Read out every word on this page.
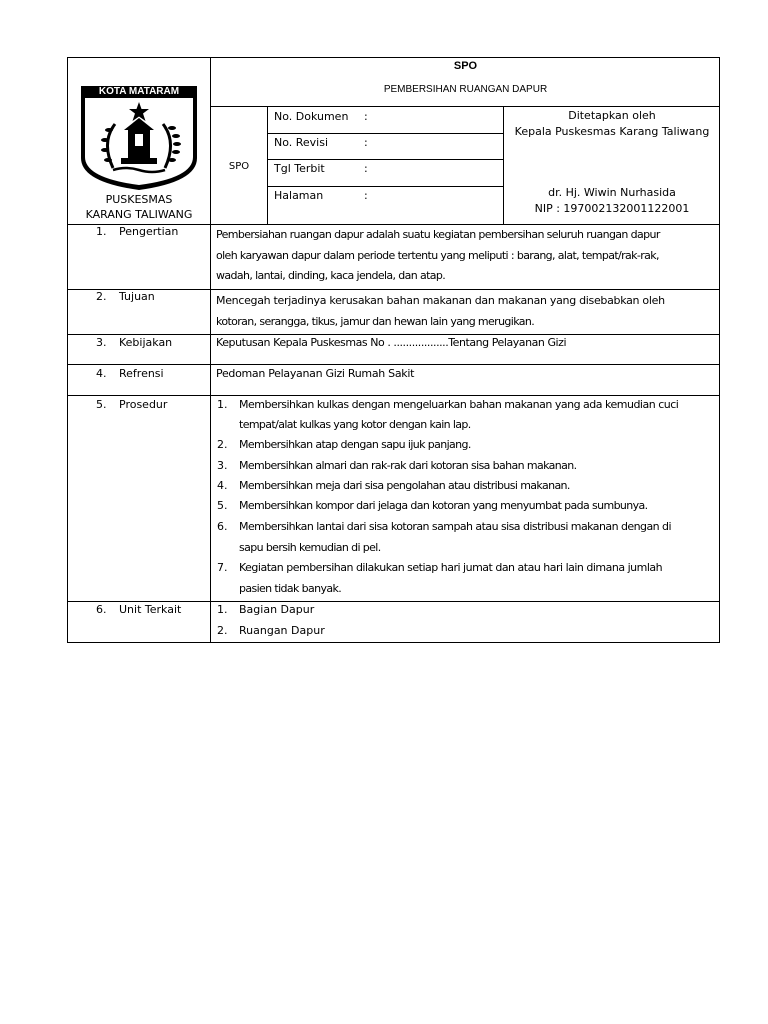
KOTA MATARAM
PUSKESMAS
KARANG TALIWANG
SPO
PEMBERSIHAN RUANGAN DAPUR
SPO
No. Dokumen :
No. Revisi	:
Tgl Terbit	:
Halaman	:
Ditetapkan oleh
Kepala Puskesmas Karang Taliwang
dr. Hj. Wiwin Nurhasida
NIP : 197002132001122001
1. Pengertian	Pembersiahan ruangan dapur adalah suatu kegiatan pembersihan seluruh ruangan dapur
oleh karyawan dapur dalam periode tertentu yang meliputi : barang, alat, tempat/rak-rak,
wadah, lantai, dinding, kaca jendela, dan atap.
2. Tujuan	Mencegah terjadinya kerusakan bahan makanan dan makanan yang disebabkan oleh
kotoran, serangga, tikus, jamur dan hewan lain yang merugikan.
3. Kebijakan	Keputusan Kepala Puskesmas No . ..................Tentang Pelayanan Gizi
4. Refrensi	Pedoman Pelayanan Gizi Rumah Sakit
5. Prosedur	1. Membersihkan kulkas dengan mengeluarkan bahan makanan yang ada kemudian cuci
tempat/alat kulkas yang kotor dengan kain lap.
2. Membersihkan atap dengan sapu ijuk panjang.
3. Membersihkan almari dan rak-rak dari kotoran sisa bahan makanan.
4. Membersihkan meja dari sisa pengolahan atau distribusi makanan.
5. Membersihkan kompor dari jelaga dan kotoran yang menyumbat pada sumbunya.
6. Membersihkan lantai dari sisa kotoran sampah atau sisa distribusi makanan dengan di
sapu bersih kemudian di pel.
7. Kegiatan pembersihan dilakukan setiap hari jumat dan atau hari lain dimana jumlah
pasien tidak banyak.
6. Unit Terkait	1. Bagian Dapur
2. Ruangan Dapur
